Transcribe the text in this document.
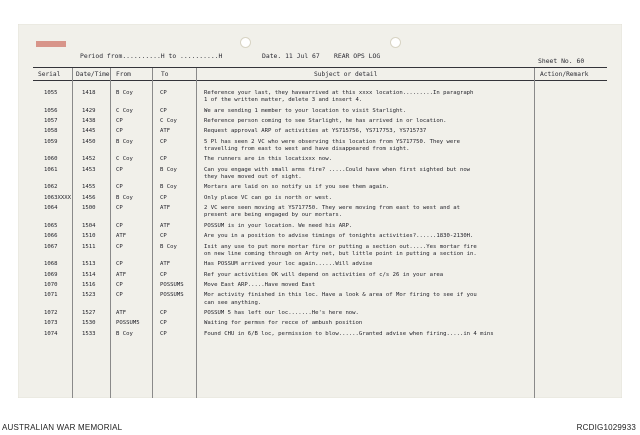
Period from..........H to ..........H	Date. 11 Jul 67 REAR OPS LOG
Sheet No. 60
Serial	Date/Time From	To	Subject or detail	Action/Remark
1055	1418	B Coy	CP	Reference your last, they havearrived at this xxxx location.........In paragraph
1 of the written matter, delete 3 and insert 4.
1056	1429	C Coy	CP	We are sending 1 member to your location to visit Starlight.
1057	1438	CP	C Coy	Reference person coming to see Starlight, he has arrived in or location.
1058	1445	CP	ATF	Request approval ARP of activities at YS715756, YS717753, YS715737
1059	1450	B Coy	CP	5 Pl has seen 2 VC who were observing this location from YS717750. They were
travelling from east to west and have disappeared from sight.
1060	1452	C Coy	CP	The runners are in this locatixxx now.
1061	1453	CP	B Coy	Can you engage with small arms fire? .....Could have when first sighted but now
they have moved out of sight.
1062	1455	CP	B Coy	Mortars are laid on so notify us if you see them again.
1063XXXX 1456	B Coy	CP	Only place VC can go is north or west.
1064	1500	CP	ATF	2 VC were seen moving at YS717750. They were moving from east to west and at
present are being engaged by our mortars.
1065	1504	CP	ATF	POSSUM is in your location. We need his ARP.
1066	1510	ATF	CP	Are you in a position to advise timings of tonights activities?......1830-2130H.
1067	1511	CP	B Coy	Isit any use to put more mortar fire or putting a section out.....Yes mortar fire
on new line coming through on Arty net, but little point in putting a section in.
1068	1513	CP	ATF	Has POSSUM arrived your loc again......Will advise
1069	1514	ATF	CP	Ref your activities OK will depend on activities of c/s 26 in your area
1070	1516	CP	POSSUMS	Move East ARP.....Have moved East
1071	1523	CP	POSSUMS	Mor activity finished in this loc. Have a look & area of Mor firing to see if you
can see anything.
1072	1527	ATF	CP	POSSUM 5 has left our loc.......He's here now.
1073	1530	POSSUM5	CP	Waiting for permsn for recce of ambush position
1074	1533	B Coy	CP	Found CHU in 6/B loc, permission to blow......Granted advise when firing.....in 4 mins
AUSTRALIAN WAR MEMORIAL	RCDIG1029933
